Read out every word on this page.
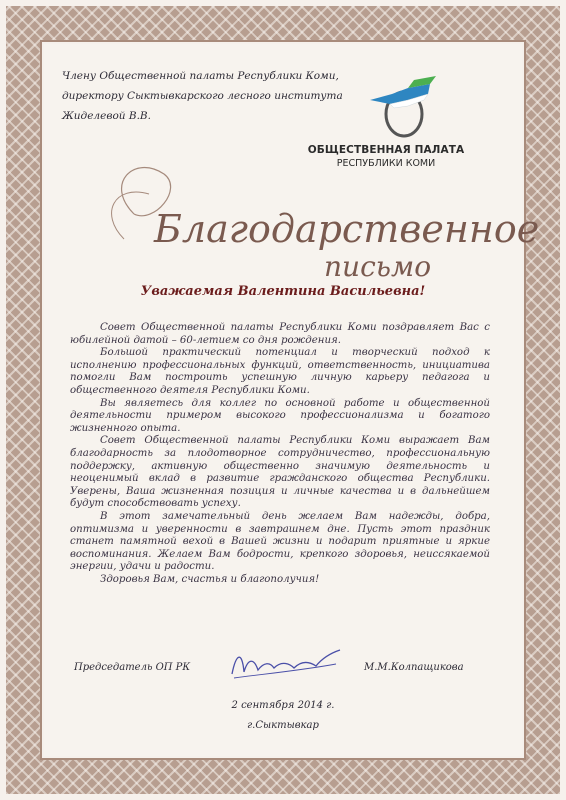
Члену Общественной палаты Республики Коми,
директору Сыктывкарского лесного института
Жиделевой В.В.
ОБЩЕСТВЕННАЯ ПАЛАТА
РЕСПУБЛИКИ КОМИ
Благодарственное
письмо
Уважаемая Валентина Васильевна!

Совет Общественной палаты Республики Коми поздравляет Вас с юбилейной датой – 60-летием со дня рождения.

Большой практический потенциал и творческий подход к исполнению профессиональных функций, ответственность, инициатива помогли Вам построить успешную личную карьеру педагога и общественного деятеля Республики Коми.

Вы являетесь для коллег по основной работе и общественной деятельности примером высокого профессионализма и богатого жизненного опыта.

Совет Общественной палаты Республики Коми выражает Вам благодарность за плодотворное сотрудничество, профессиональную поддержку, активную общественно значимую деятельность и неоценимый вклад в развитие гражданского общества Республики. Уверены, Ваша жизненная позиция и личные качества и в дальнейшем будут способствовать успеху.

В этот замечательный день желаем Вам надежды, добра, оптимизма и уверенности в завтрашнем дне. Пусть этот праздник станет памятной вехой в Вашей жизни и подарит приятные и яркие воспоминания. Желаем Вам бодрости, крепкого здоровья, неиссякаемой энергии, удачи и радости.

Здоровья Вам, счастья и благополучия!

Председатель ОП РК	М.М.Колпащикова
2 сентября 2014 г.
г.Сыктывкар
